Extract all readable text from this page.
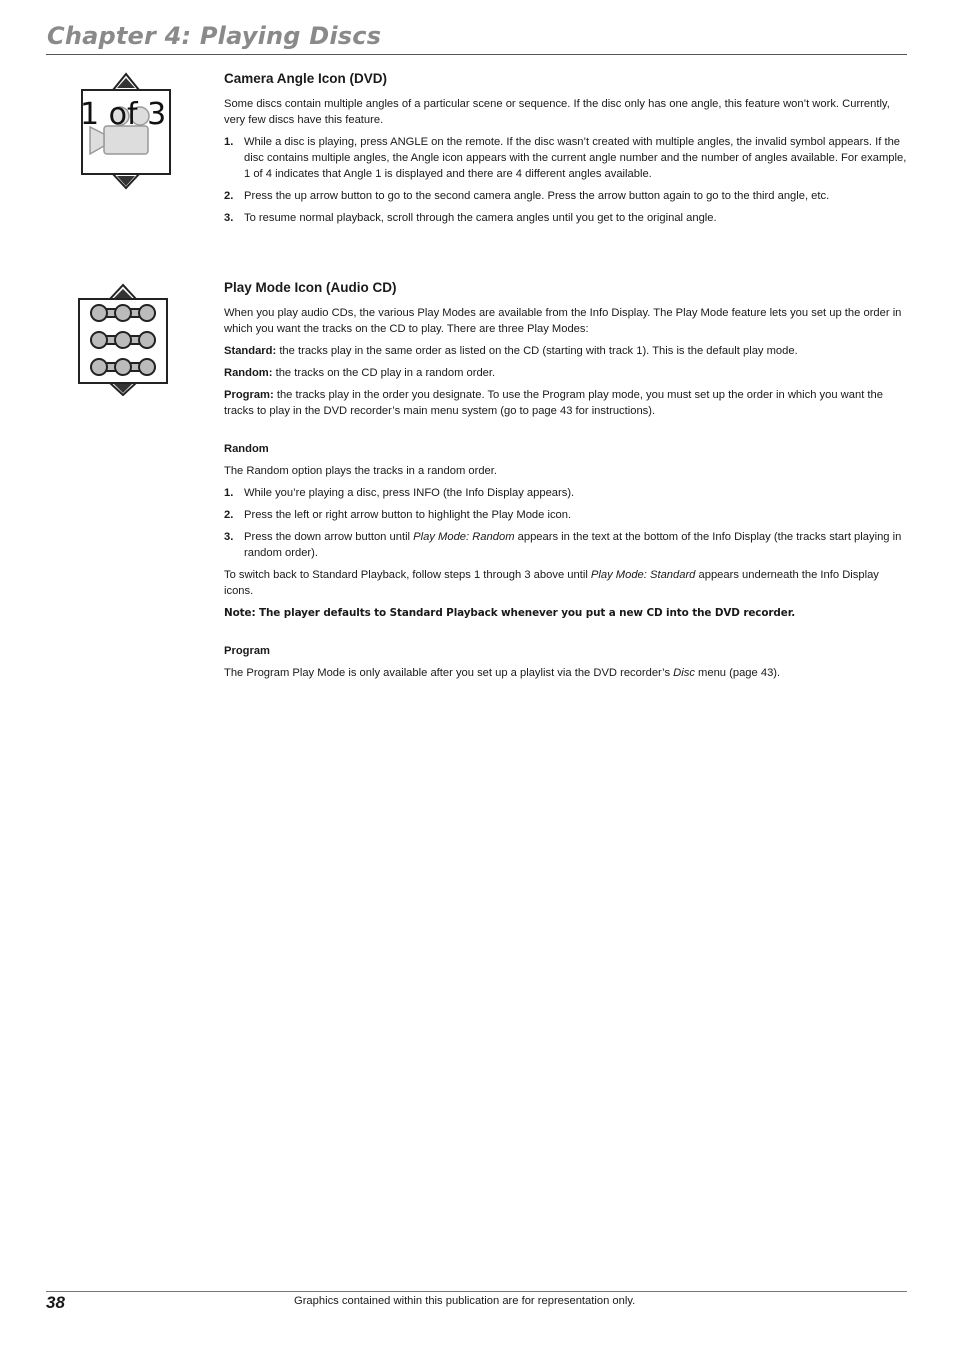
Chapter 4: Playing Discs
1 of 3
Camera Angle Icon (DVD)

Some discs contain multiple angles of a particular scene or sequence. If the disc only has one angle, this feature won’t work. Currently, very few discs have this feature.

1. While a disc is playing, press ANGLE on the remote. If the disc wasn’t created with multiple angles, the invalid symbol appears. If the disc contains multiple angles, the Angle icon appears with the current angle number and the number of angles available. For example, 1 of 4 indicates that Angle 1 is displayed and there are 4 different angles available.
2. Press the up arrow button to go to the second camera angle. Press the arrow button again to go to the third angle, etc.
3. To resume normal playback, scroll through the camera angles until you get to the original angle.
Play Mode Icon (Audio CD)

When you play audio CDs, the various Play Modes are available from the Info Display. The Play Mode feature lets you set up the order in which you want the tracks on the CD to play. There are three Play Modes:

Standard: the tracks play in the same order as listed on the CD (starting with track 1). This is the default play mode.

Random: the tracks on the CD play in a random order.

Program: the tracks play in the order you designate. To use the Program play mode, you must set up the order in which you want the tracks to play in the DVD recorder’s main menu system (go to page 43 for instructions).

Random

The Random option plays the tracks in a random order.

1. While you’re playing a disc, press INFO (the Info Display appears).
2. Press the left or right arrow button to highlight the Play Mode icon.
3. Press the down arrow button until Play Mode: Random appears in the text at the bottom of the Info Display (the tracks start playing in random order).

To switch back to Standard Playback, follow steps 1 through 3 above until Play Mode: Standard appears underneath the Info Display icons.

Note: The player defaults to Standard Playback whenever you put a new CD into the DVD recorder.

Program

The Program Play Mode is only available after you set up a playlist via the DVD recorder’s Disc menu (page 43).

38	Graphics contained within this publication are for representation only.
